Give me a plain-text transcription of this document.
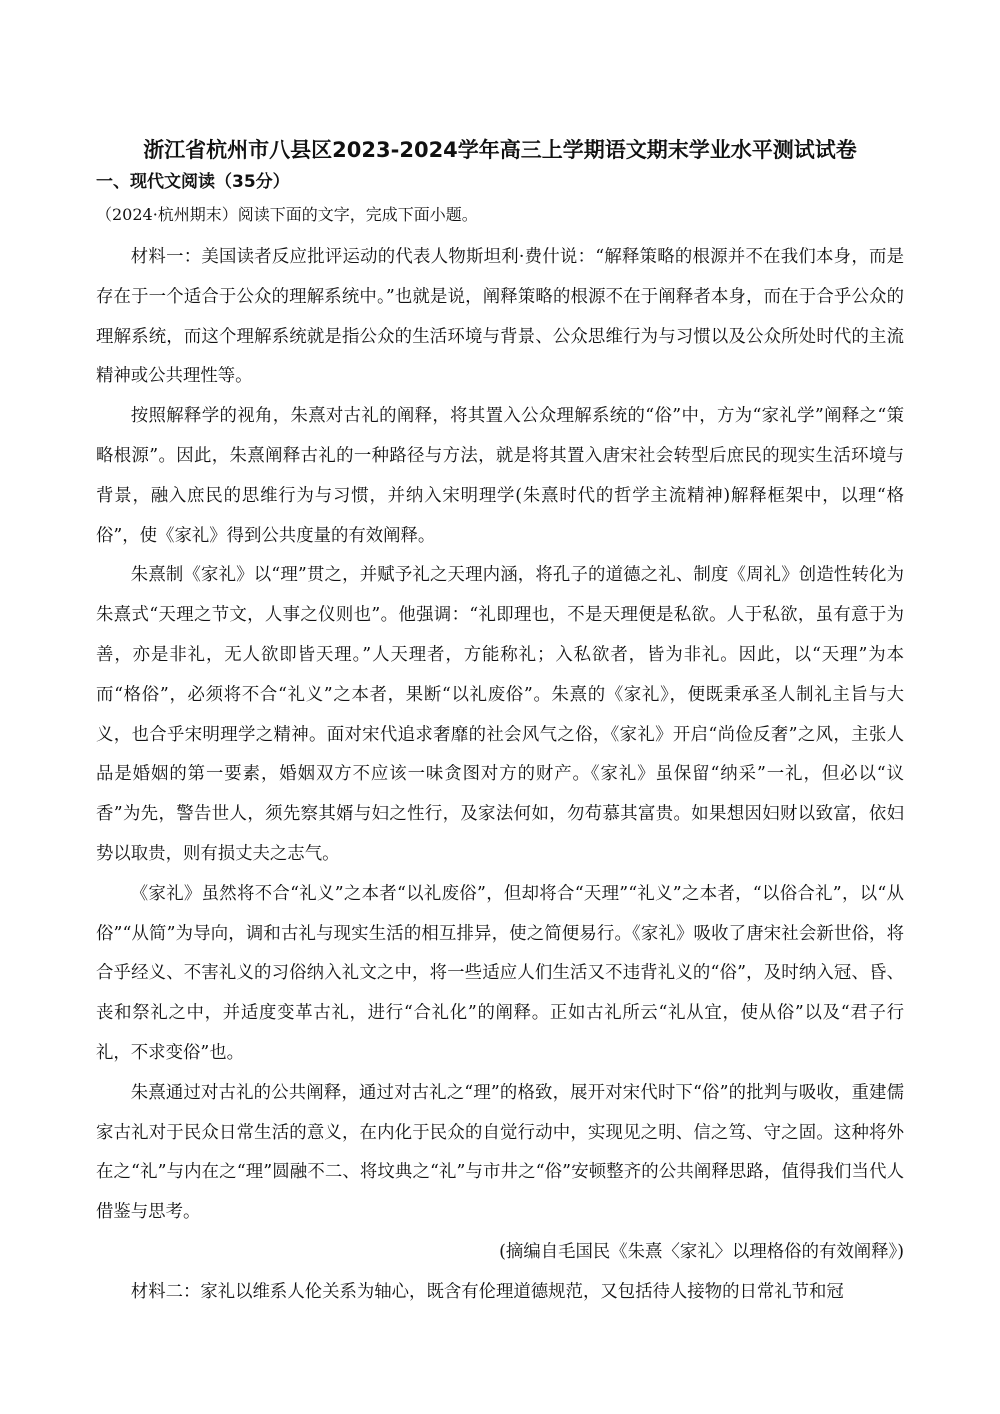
浙江省杭州市八县区2023-2024学年高三上学期语文期末学业水平测试试卷
一、现代文阅读（35分）
（2024·杭州期末）阅读下面的文字，完成下面小题。

材料一：美国读者反应批评运动的代表人物斯坦利·费什说：“解释策略的根源并不在我们本身，而是存在于一个适合于公众的理解系统中。”也就是说，阐释策略的根源不在于阐释者本身，而在于合乎公众的理解系统，而这个理解系统就是指公众的生活环境与背景、公众思维行为与习惯以及公众所处时代的主流精神或公共理性等。

按照解释学的视角，朱熹对古礼的阐释，将其置入公众理解系统的“俗”中，方为“家礼学”阐释之“策略根源”。因此，朱熹阐释古礼的一种路径与方法，就是将其置入唐宋社会转型后庶民的现实生活环境与背景，融入庶民的思维行为与习惯，并纳入宋明理学(朱熹时代的哲学主流精神)解释框架中，以理“格俗”，使《家礼》得到公共度量的有效阐释。

朱熹制《家礼》以“理”贯之，并赋予礼之天理内涵，将孔子的道德之礼、制度《周礼》创造性转化为朱熹式“天理之节文，人事之仪则也”。他强调：“礼即理也，不是天理便是私欲。人于私欲，虽有意于为善，亦是非礼，无人欲即皆天理。”人天理者，方能称礼；入私欲者，皆为非礼。因此，以“天理”为本而“格俗”，必须将不合“礼义”之本者，果断“以礼废俗”。朱熹的《家礼》，便既秉承圣人制礼主旨与大义，也合乎宋明理学之精神。面对宋代追求奢靡的社会风气之俗，《家礼》开启“尚俭反奢”之风，主张人品是婚姻的第一要素，婚姻双方不应该一味贪图对方的财产。《家礼》虽保留“纳采”一礼，但必以“议香”为先，警告世人，须先察其婿与妇之性行，及家法何如，勿苟慕其富贵。如果想因妇财以致富，依妇势以取贵，则有损丈夫之志气。

《家礼》虽然将不合“礼义”之本者“以礼废俗”，但却将合“天理”“礼义”之本者，“以俗合礼”，以“从俗”“从简”为导向，调和古礼与现实生活的相互排异，使之简便易行。《家礼》吸收了唐宋社会新世俗，将合乎经义、不害礼义的习俗纳入礼文之中，将一些适应人们生活又不违背礼义的“俗”，及时纳入冠、昏、丧和祭礼之中，并适度变革古礼，进行“合礼化”的阐释。正如古礼所云“礼从宜，使从俗”以及“君子行礼，不求变俗”也。

朱熹通过对古礼的公共阐释，通过对古礼之“理”的格致，展开对宋代时下“俗”的批判与吸收，重建儒家古礼对于民众日常生活的意义，在内化于民众的自觉行动中，实现见之明、信之笃、守之固。这种将外在之“礼”与内在之“理”圆融不二、将坟典之“礼”与市井之“俗”安顿整齐的公共阐释思路，值得我们当代人借鉴与思考。

(摘编自毛国民《朱熹〈家礼〉以理格俗的有效阐释》)

材料二：家礼以维系人伦关系为轴心，既含有伦理道德规范，又包括待人接物的日常礼节和冠
